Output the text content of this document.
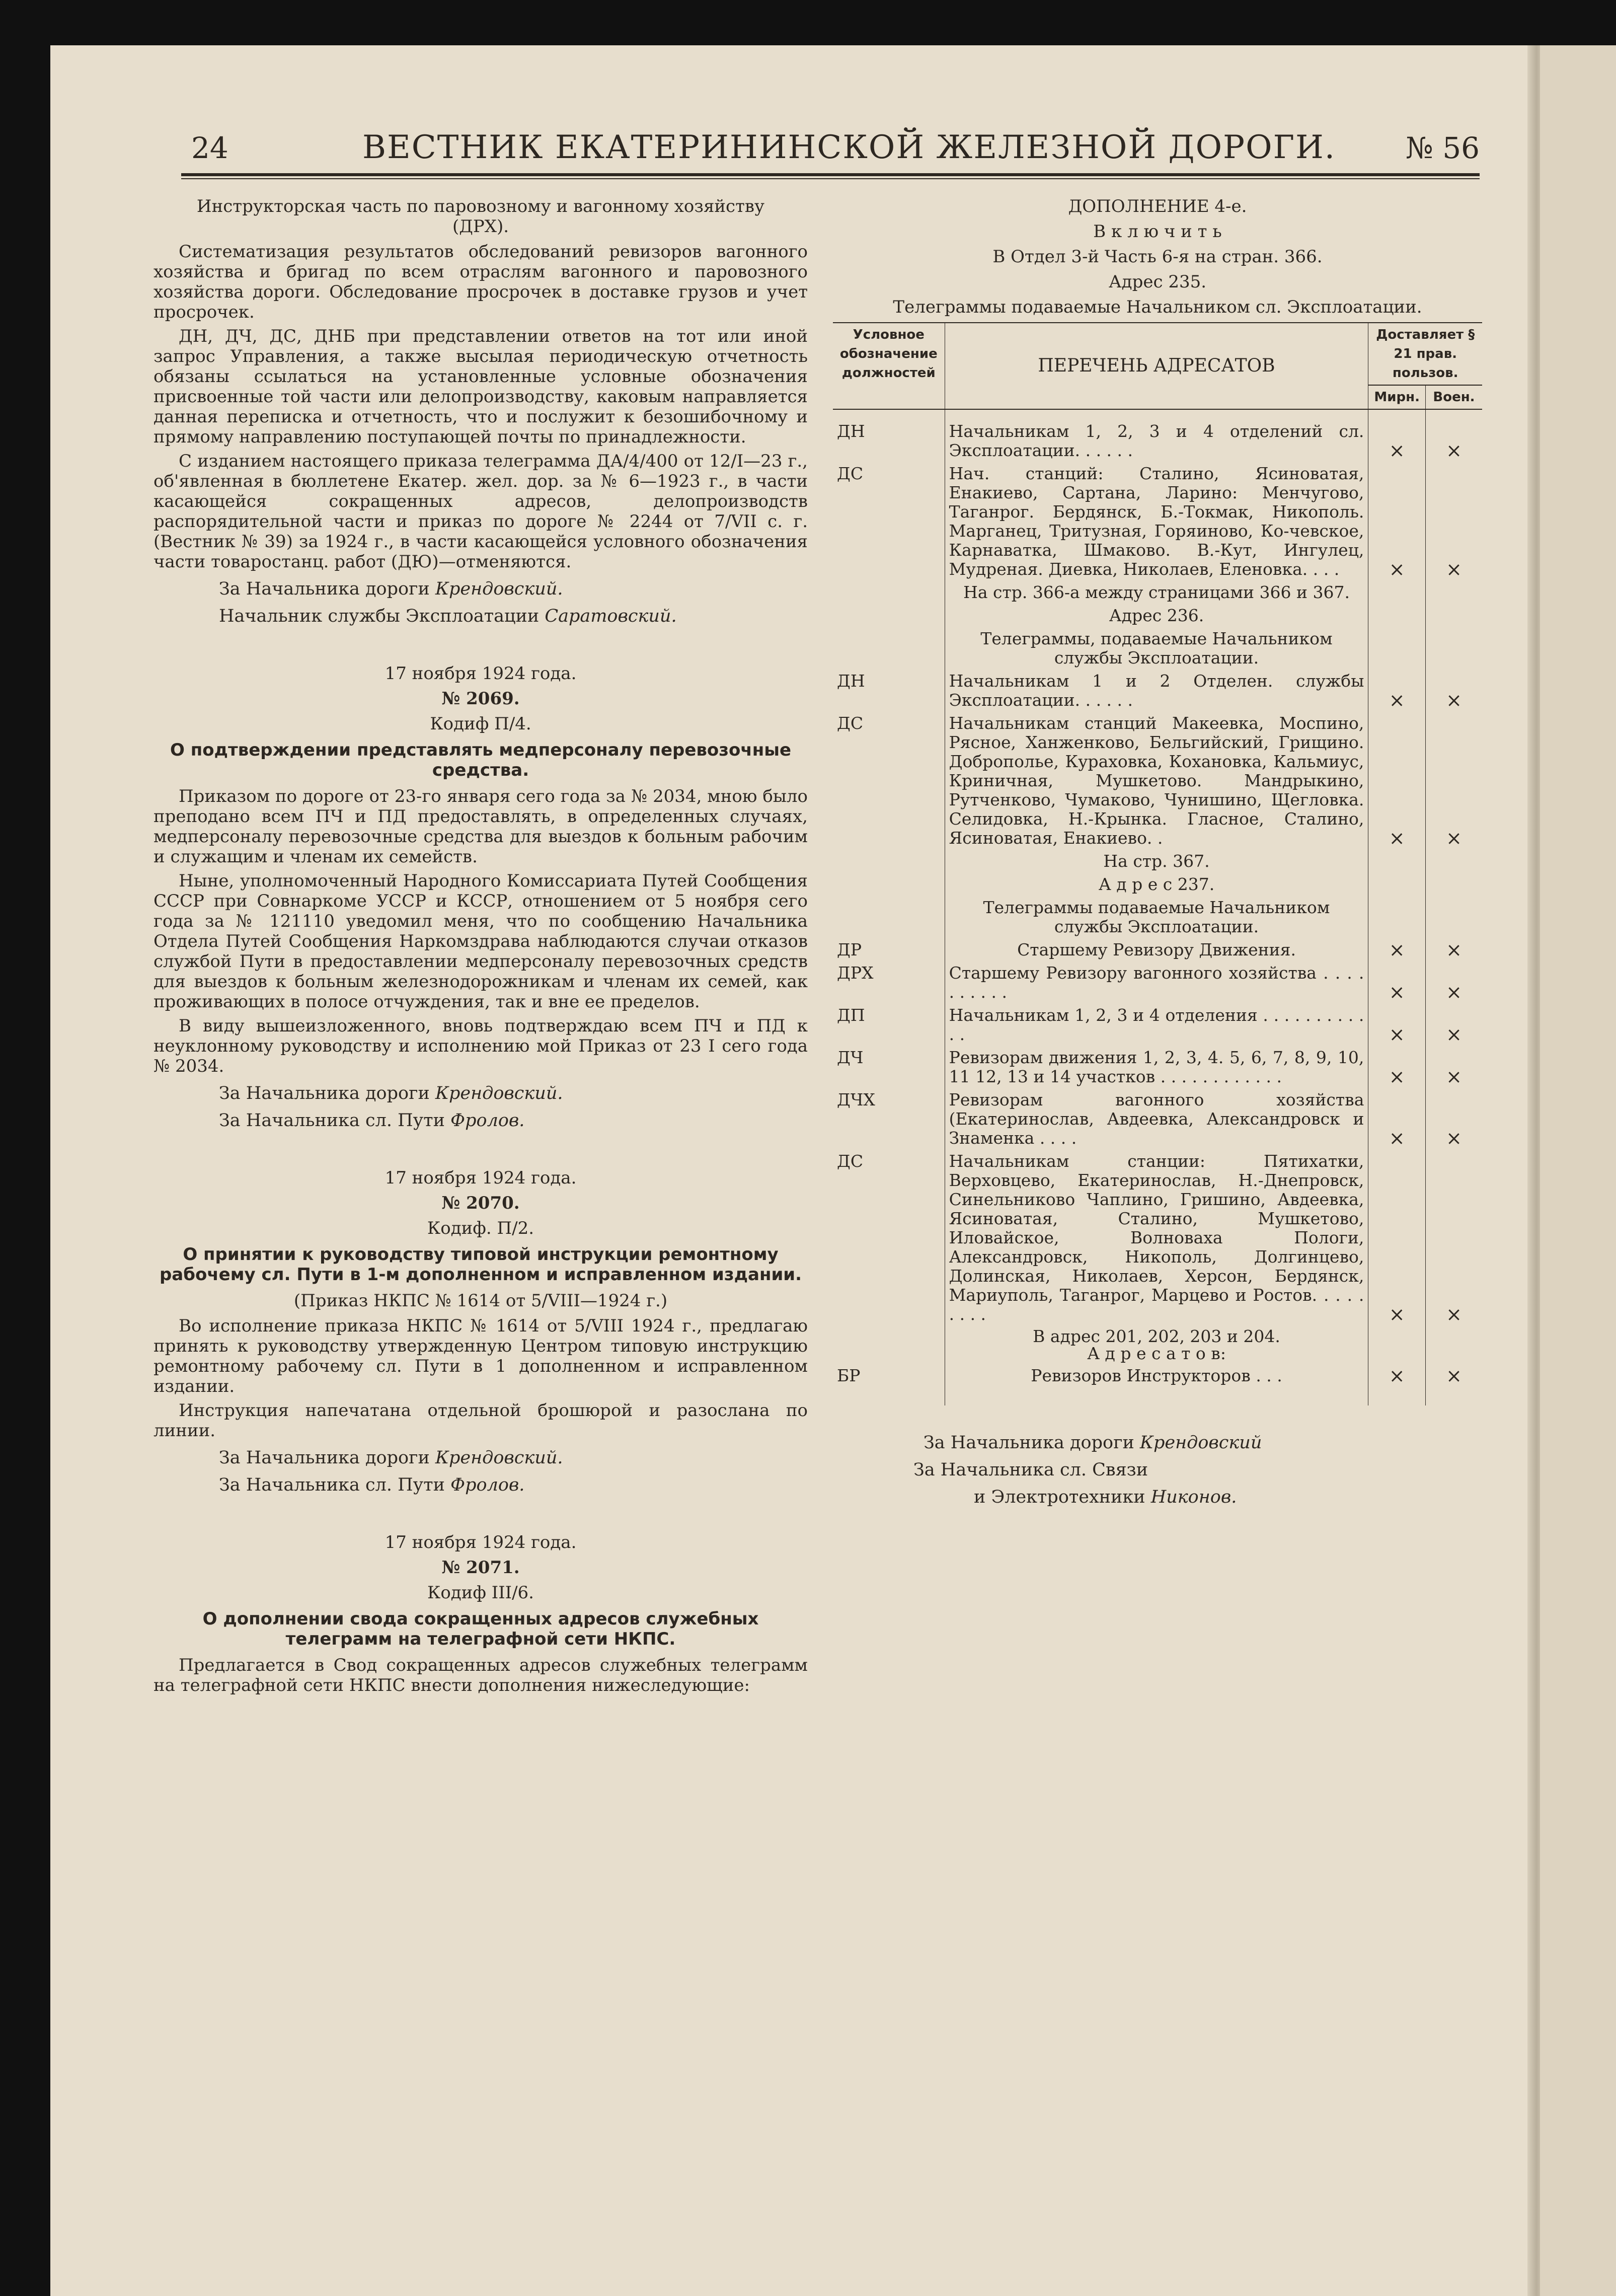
24	ВЕСТНИК ЕКАТЕРИНИНСКОЙ ЖЕЛЕЗНОЙ ДОРОГИ. № 56
Инструкторская часть по паровозному и вагонному хозяйству (ДРХ).

Систематизация результатов обследований ревизоров вагонного хозяйства и бригад по всем отраслям вагонного и паровозного хозяйства дороги. Обследование просрочек в доставке грузов и учет просрочек.

ДН, ДЧ, ДС, ДНБ при представлении ответов на тот или иной запрос Управления, а также высылая периодическую отчетность обязаны ссылаться на установленные условные обозначения присвоенные той части или делопроизводству, каковым направляется данная переписка и отчетность, что и послужит к безошибочному и прямому направлению поступающей почты по принадлежности.

С изданием настоящего приказа телеграмма ДА/4/400 от 12/I—23 г., об'явленная в бюллетене Екатер. жел. дор. за № 6—1923 г., в части касающейся сокращенных адресов, делопроизводств распорядительной части и приказ по дороге № 2244 от 7/VII с. г. (Вестник № 39) за 1924 г., в части касающейся условного обозначения части товаростанц. работ (ДЮ)—отменяются.

За Начальника дороги Крендовский.
Начальник службы Эксплоатации Саратовский.
17 ноября 1924 года.
№ 2069.
Кодиф П/4.
О подтверждении представлять медперсоналу перевозочные средства.

Приказом по дороге от 23-го января сего года за № 2034, мною было преподано всем ПЧ и ПД предоставлять, в определенных случаях, медперсоналу перевозочные средства для выездов к больным рабочим и служащим и членам их семейств.

Ныне, уполномоченный Народного Комиссариата Путей Сообщения СССР при Совнаркоме УССР и КССР, отношением от 5 ноября сего года за № 121110 уведомил меня, что по сообщению Начальника Отдела Путей Сообщения Наркомздрава наблюдаются случаи отказов службой Пути в предоставлении медперсоналу перевозочных средств для выездов к больным железнодорожникам и членам их семей, как проживающих в полосе отчуждения, так и вне ее пределов.

В виду вышеизложенного, вновь подтверждаю всем ПЧ и ПД к неуклонному руководству и исполнению мой Приказ от 23 I сего года № 2034.

За Начальника дороги Крендовский.
За Начальника сл. Пути Фролов.
17 ноября 1924 года.
№ 2070.
Кодиф. П/2.
О принятии к руководству типовой инструкции ремонтному рабочему сл. Пути в 1-м дополненном и исправленном издании.
(Приказ НКПС № 1614 от 5/VIII—1924 г.)

Во исполнение приказа НКПС № 1614 от 5/VIII 1924 г., предлагаю принять к руководству утвержденную Центром типовую инструкцию ремонтному рабочему сл. Пути в 1 дополненном и исправленном издании.

Инструкция напечатана отдельной брошюрой и разослана по линии.

За Начальника дороги Крендовский.
За Начальника сл. Пути Фролов.
17 ноября 1924 года.
№ 2071.
Кодиф III/6.
О дополнении свода сокращенных адресов служебных телеграмм на телеграфной сети НКПС.

Предлагается в Свод сокращенных адресов служебных телеграмм на телеграфной сети НКПС внести дополнения нижеследующие:

ДОПОЛНЕНИЕ 4-е.
В к л ю ч и т ь
В Отдел 3-й Часть 6-я на стран. 366.
Адрес 235.
Телеграммы подаваемые Начальником сл. Эксплоатации.
Условное обозначение должностей	ПЕРЕЧЕНЬ АДРЕСАТОВ	Доставляет § 21 прав. пользов.	
		Мирн.	Воен.
ДН	Начальникам 1, 2, 3 и 4 отделений сл. Эксплоатации. . . . . .	×	×
ДС	Нач. станций: Сталино, Ясиноватая, Енакиево, Сартана, Ларино: Менчугово, Таганрог. Бердянск, Б.-Токмак, Никополь. Марганец, Тритузная, Горяиново, Ко-чевское, Карнаватка, Шмаково. В.-Кут, Ингулец, Мудреная. Диевка, Николаев, Еленовка. . . .	×	×
	На стр. 366-а между страницами 366 и 367.		
	Адрес 236.		
	Телеграммы, подаваемые Начальником службы Эксплоатации.		
ДН	Начальникам 1 и 2 Отделен. службы Эксплоатации. . . . . .	×	×
ДС	Начальникам станций Макеевка, Моспино, Рясное, Ханженково, Бельгийский, Грищино. Доброполье, Курахoвка, Кохановка, Кальмиус, Криничная, Мушкетово. Мандрыкино, Рутченково, Чумаково, Чунишино, Щегловка. Селидовка, Н.-Крынка. Гласное, Сталино, Ясиноватая, Енакиево. .	×	×
	На стр. 367.		
	А д р е с 237.		
	Телеграммы подаваемые Начальником службы Эксплоатации.		
ДР	Старшему Ревизору Движения.	×	×
ДРХ	Старшему Ревизору вагонного хозяйства . . . . . . . . . .	×	×
ДП	Начальникам 1, 2, 3 и 4 отделения . . . . . . . . . . . .	×	×
ДЧ	Ревизорам движения 1, 2, 3, 4. 5, 6, 7, 8, 9, 10, 11 12, 13 и 14 участков . . . . . . . . . . . .	×	×
ДЧХ	Ревизорам вагонного хозяйства (Екатеринослав, Авдеевка, Александровск и Знаменка . . . .	×	×
ДС	Начальникам станции: Пятихатки, Верховцево, Екатеринослав, Н.-Днепровск, Синельниково Чаплино, Гришино, Авдеевка, Ясиноватая, Сталино, Мушкетово, Иловайское, Волноваха Пологи, Александровск, Никополь, Долгинцево, Долинская, Николаев, Херсон, Бердянск, Мариуполь, Таганрог, Марцево и Ростов. . . . . . . . .	×	×
	В адрес 201, 202, 203 и 204.
А д р е с а т о в:		
БР	Ревизоров Инструкторов . . .	×	×
За Начальника дороги Крендовский
За Начальника сл. Связи
и Электротехники Никонов.
